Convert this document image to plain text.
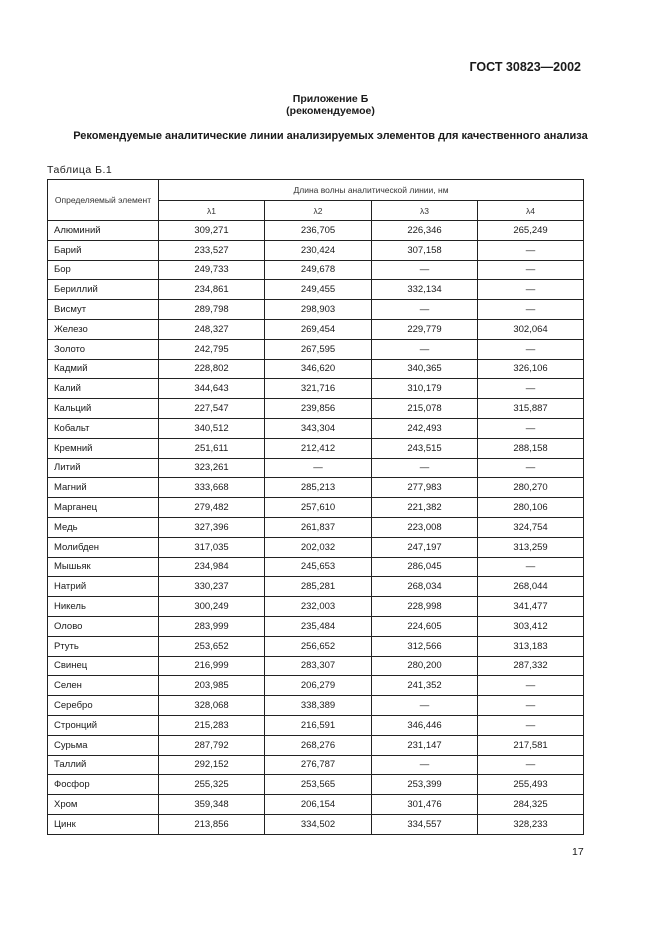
ГОСТ 30823—2002
Приложение Б
(рекомендуемое)
Рекомендуемые аналитические линии анализируемых элементов для качественного анализа
Таблица Б.1
Определяемый элемент	Длина волны аналитической линии, нм			
	λ1	λ2	λ3	λ4
Алюминий	309,271	236,705	226,346	265,249
Барий	233,527	230,424	307,158	—
Бор	249,733	249,678	—	—
Бериллий	234,861	249,455	332,134	—
Висмут	289,798	298,903	—	—
Железо	248,327	269,454	229,779	302,064
Золото	242,795	267,595	—	—
Кадмий	228,802	346,620	340,365	326,106
Калий	344,643	321,716	310,179	—
Кальций	227,547	239,856	215,078	315,887
Кобальт	340,512	343,304	242,493	—
Кремний	251,611	212,412	243,515	288,158
Литий	323,261	—	—	—
Магний	333,668	285,213	277,983	280,270
Марганец	279,482	257,610	221,382	280,106
Медь	327,396	261,837	223,008	324,754
Молибден	317,035	202,032	247,197	313,259
Мышьяк	234,984	245,653	286,045	—
Натрий	330,237	285,281	268,034	268,044
Никель	300,249	232,003	228,998	341,477
Олово	283,999	235,484	224,605	303,412
Ртуть	253,652	256,652	312,566	313,183
Свинец	216,999	283,307	280,200	287,332
Селен	203,985	206,279	241,352	—
Серебро	328,068	338,389	—	—
Стронций	215,283	216,591	346,446	—
Сурьма	287,792	268,276	231,147	217,581
Таллий	292,152	276,787	—	—
Фосфор	255,325	253,565	253,399	255,493
Хром	359,348	206,154	301,476	284,325
Цинк	213,856	334,502	334,557	328,233
17
